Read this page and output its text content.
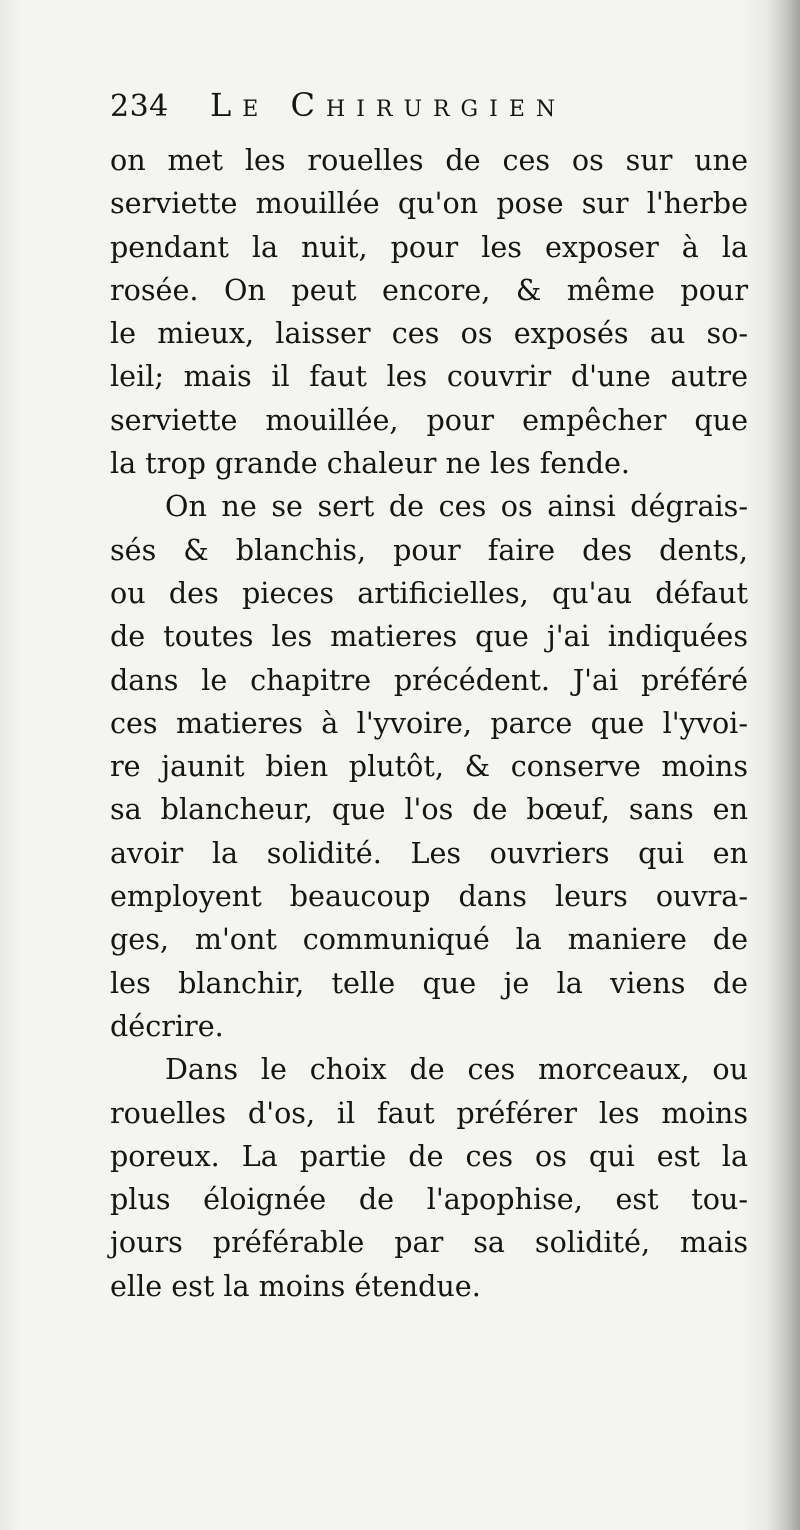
234 Le Chirurgien

on met les rouelles de ces os sur une

serviette mouillée qu'on pose sur l'herbe

pendant la nuit, pour les exposer à la

rosée. On peut encore, & même pour

le mieux, laisser ces os exposés au so-

leil; mais il faut les couvrir d'une autre

serviette mouillée, pour empêcher que

la trop grande chaleur ne les fende.

On ne se sert de ces os ainsi dégrais-

sés & blanchis, pour faire des dents,

ou des pieces artificielles, qu'au défaut

de toutes les matieres que j'ai indiquées

dans le chapitre précédent. J'ai préféré

ces matieres à l'yvoire, parce que l'yvoi-

re jaunit bien plutôt, & conserve moins

sa blancheur, que l'os de bœuf, sans en

avoir la solidité. Les ouvriers qui en

employent beaucoup dans leurs ouvra-

ges, m'ont communiqué la maniere de

les blanchir, telle que je la viens de

décrire.

Dans le choix de ces morceaux, ou

rouelles d'os, il faut préférer les moins

poreux. La partie de ces os qui est la

plus éloignée de l'apophise, est tou-

jours préférable par sa solidité, mais

elle est la moins étendue.
